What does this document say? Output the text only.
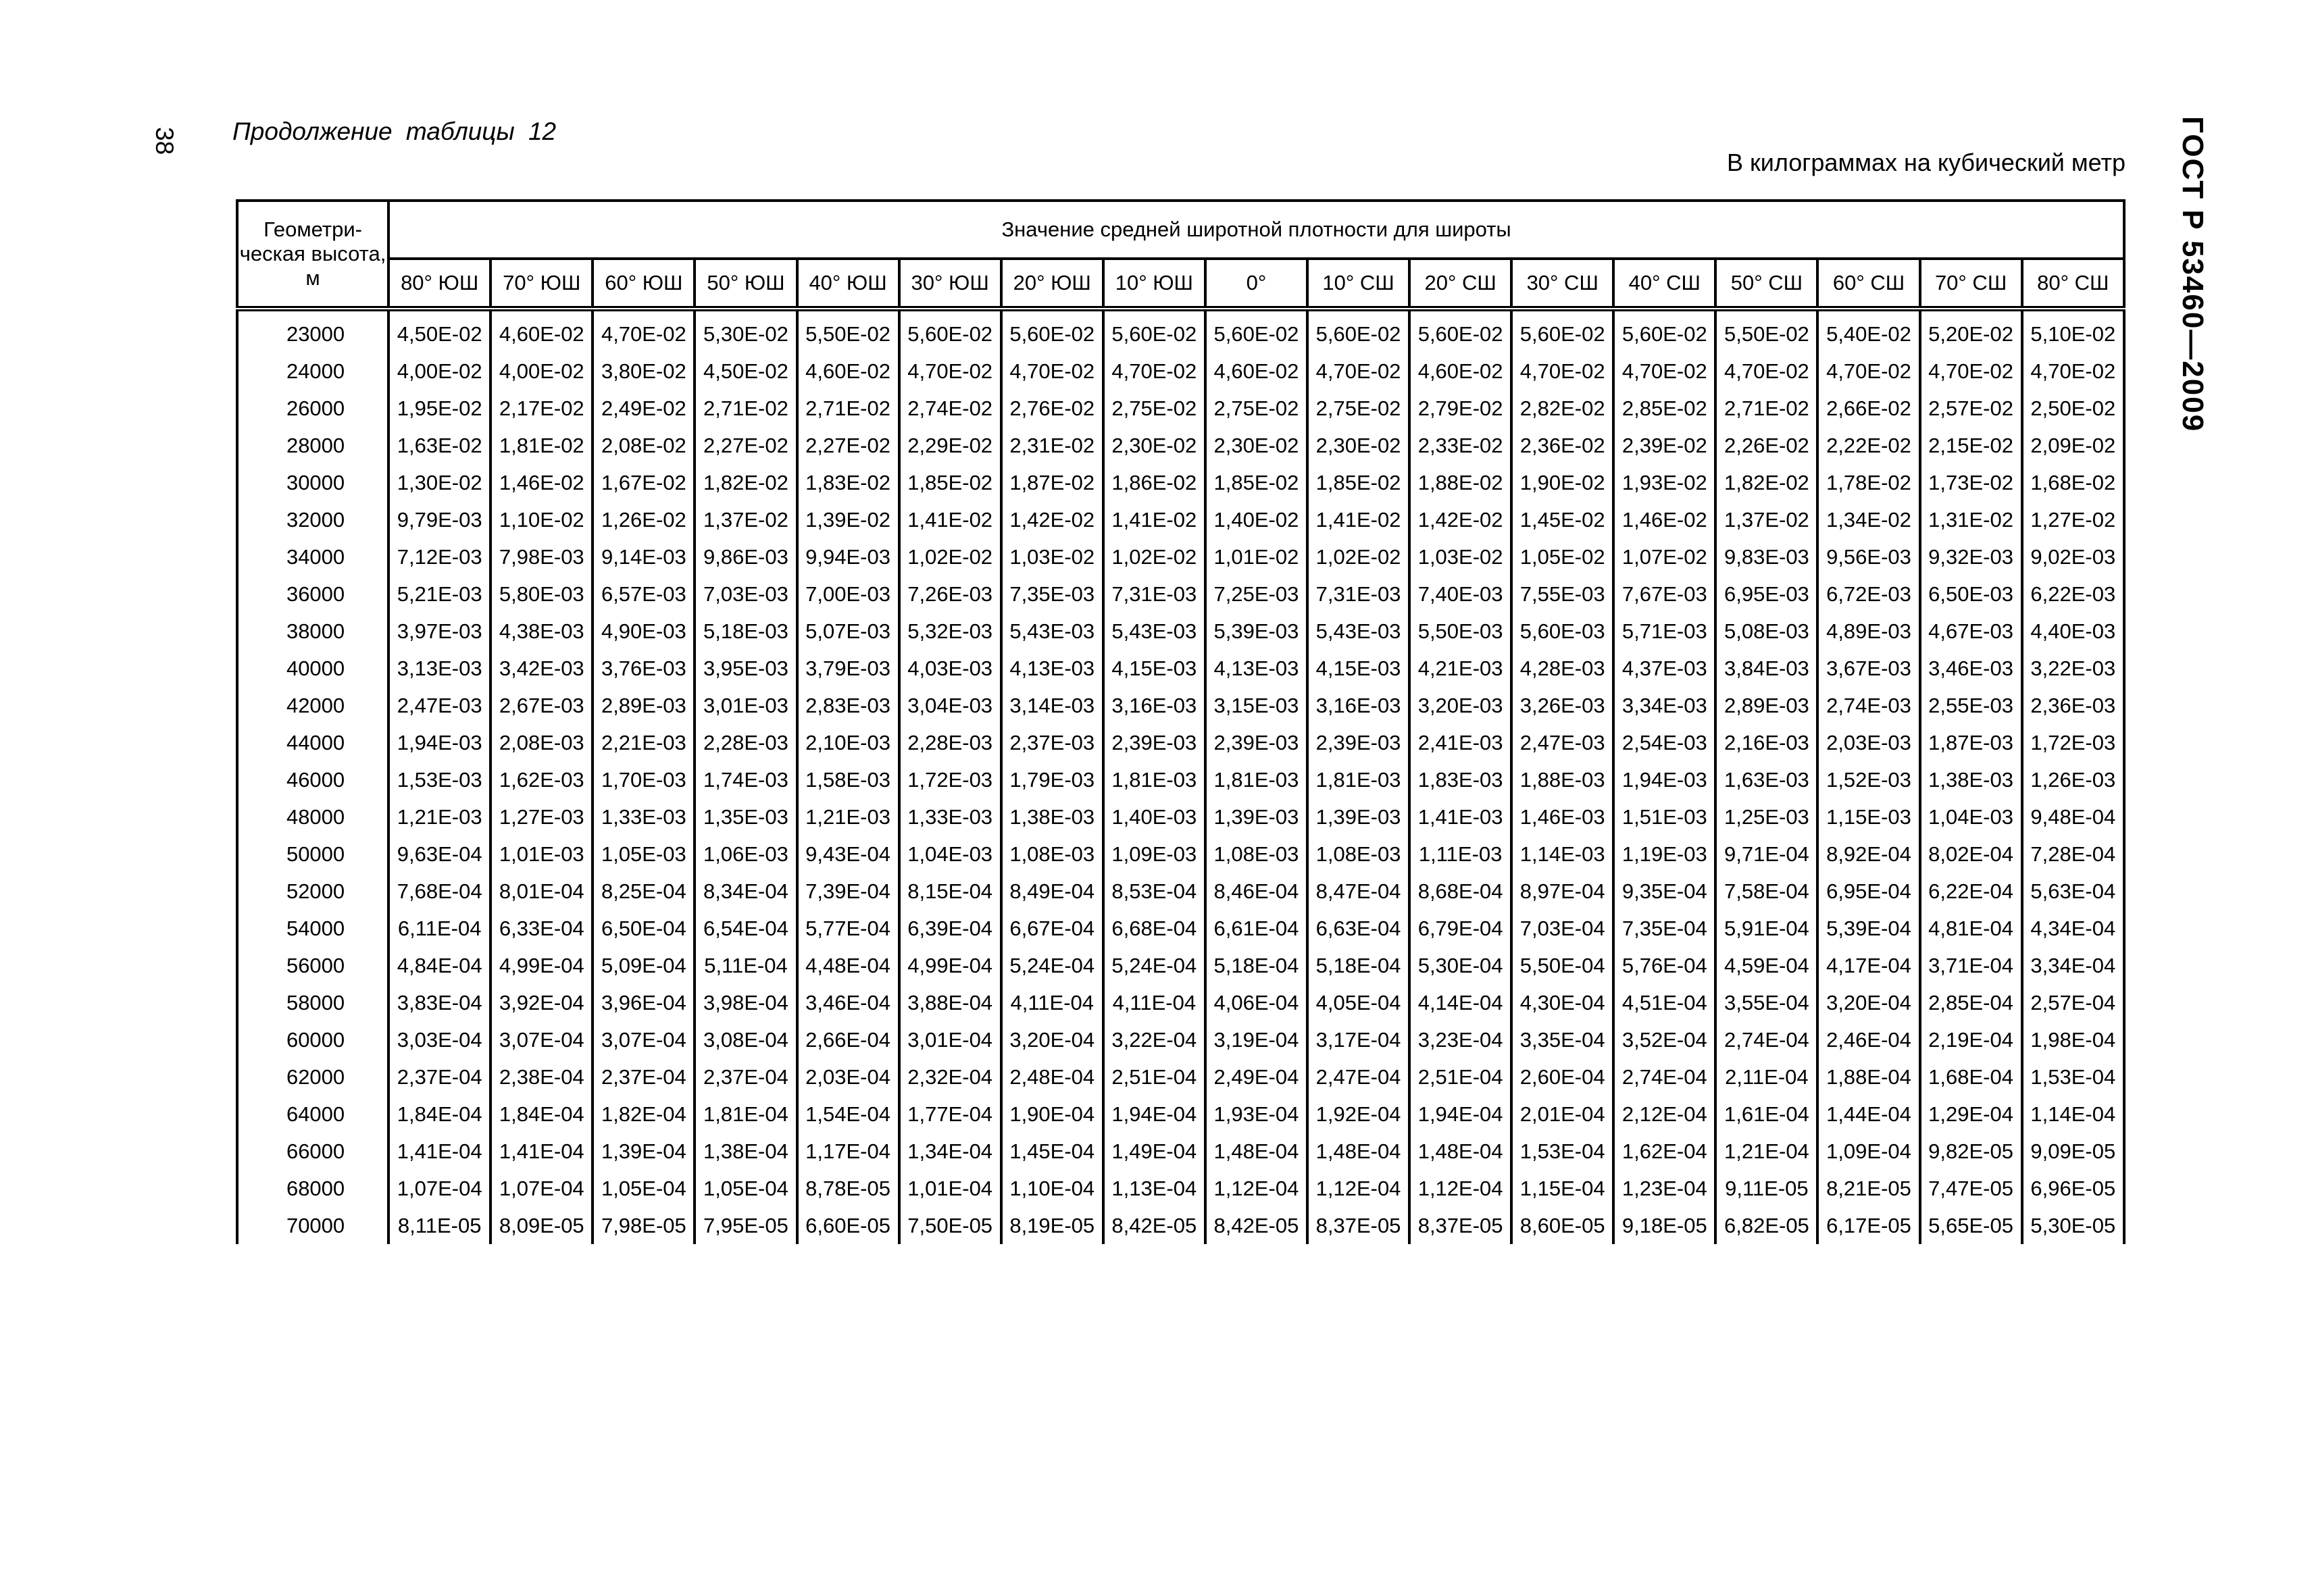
38 Продолжение таблицы 12
В килограммах на кубический метр ГОСТ Р 53460—2009
Геометри-ческая высота, м	Значение средней широтной плотности для широты																
	80° ЮШ	70° ЮШ	60° ЮШ	50° ЮШ	40° ЮШ	30° ЮШ	20° ЮШ	10° ЮШ	0°	10° СШ	20° СШ	30° СШ	40° СШ	50° СШ	60° СШ	70° СШ	80° СШ
23000	4,50E-02	4,60E-02	4,70E-02	5,30E-02	5,50E-02	5,60E-02	5,60E-02	5,60E-02	5,60E-02	5,60E-02	5,60E-02	5,60E-02	5,60E-02	5,50E-02	5,40E-02	5,20E-02	5,10E-02
24000	4,00E-02	4,00E-02	3,80E-02	4,50E-02	4,60E-02	4,70E-02	4,70E-02	4,70E-02	4,60E-02	4,70E-02	4,60E-02	4,70E-02	4,70E-02	4,70E-02	4,70E-02	4,70E-02	4,70E-02
26000	1,95E-02	2,17E-02	2,49E-02	2,71E-02	2,71E-02	2,74E-02	2,76E-02	2,75E-02	2,75E-02	2,75E-02	2,79E-02	2,82E-02	2,85E-02	2,71E-02	2,66E-02	2,57E-02	2,50E-02
28000	1,63E-02	1,81E-02	2,08E-02	2,27E-02	2,27E-02	2,29E-02	2,31E-02	2,30E-02	2,30E-02	2,30E-02	2,33E-02	2,36E-02	2,39E-02	2,26E-02	2,22E-02	2,15E-02	2,09E-02
30000	1,30E-02	1,46E-02	1,67E-02	1,82E-02	1,83E-02	1,85E-02	1,87E-02	1,86E-02	1,85E-02	1,85E-02	1,88E-02	1,90E-02	1,93E-02	1,82E-02	1,78E-02	1,73E-02	1,68E-02
32000	9,79E-03	1,10E-02	1,26E-02	1,37E-02	1,39E-02	1,41E-02	1,42E-02	1,41E-02	1,40E-02	1,41E-02	1,42E-02	1,45E-02	1,46E-02	1,37E-02	1,34E-02	1,31E-02	1,27E-02
34000	7,12E-03	7,98E-03	9,14E-03	9,86E-03	9,94E-03	1,02E-02	1,03E-02	1,02E-02	1,01E-02	1,02E-02	1,03E-02	1,05E-02	1,07E-02	9,83E-03	9,56E-03	9,32E-03	9,02E-03
36000	5,21E-03	5,80E-03	6,57E-03	7,03E-03	7,00E-03	7,26E-03	7,35E-03	7,31E-03	7,25E-03	7,31E-03	7,40E-03	7,55E-03	7,67E-03	6,95E-03	6,72E-03	6,50E-03	6,22E-03
38000	3,97E-03	4,38E-03	4,90E-03	5,18E-03	5,07E-03	5,32E-03	5,43E-03	5,43E-03	5,39E-03	5,43E-03	5,50E-03	5,60E-03	5,71E-03	5,08E-03	4,89E-03	4,67E-03	4,40E-03
40000	3,13E-03	3,42E-03	3,76E-03	3,95E-03	3,79E-03	4,03E-03	4,13E-03	4,15E-03	4,13E-03	4,15E-03	4,21E-03	4,28E-03	4,37E-03	3,84E-03	3,67E-03	3,46E-03	3,22E-03
42000	2,47E-03	2,67E-03	2,89E-03	3,01E-03	2,83E-03	3,04E-03	3,14E-03	3,16E-03	3,15E-03	3,16E-03	3,20E-03	3,26E-03	3,34E-03	2,89E-03	2,74E-03	2,55E-03	2,36E-03
44000	1,94E-03	2,08E-03	2,21E-03	2,28E-03	2,10E-03	2,28E-03	2,37E-03	2,39E-03	2,39E-03	2,39E-03	2,41E-03	2,47E-03	2,54E-03	2,16E-03	2,03E-03	1,87E-03	1,72E-03
46000	1,53E-03	1,62E-03	1,70E-03	1,74E-03	1,58E-03	1,72E-03	1,79E-03	1,81E-03	1,81E-03	1,81E-03	1,83E-03	1,88E-03	1,94E-03	1,63E-03	1,52E-03	1,38E-03	1,26E-03
48000	1,21E-03	1,27E-03	1,33E-03	1,35E-03	1,21E-03	1,33E-03	1,38E-03	1,40E-03	1,39E-03	1,39E-03	1,41E-03	1,46E-03	1,51E-03	1,25E-03	1,15E-03	1,04E-03	9,48E-04
50000	9,63E-04	1,01E-03	1,05E-03	1,06E-03	9,43E-04	1,04E-03	1,08E-03	1,09E-03	1,08E-03	1,08E-03	1,11E-03	1,14E-03	1,19E-03	9,71E-04	8,92E-04	8,02E-04	7,28E-04
52000	7,68E-04	8,01E-04	8,25E-04	8,34E-04	7,39E-04	8,15E-04	8,49E-04	8,53E-04	8,46E-04	8,47E-04	8,68E-04	8,97E-04	9,35E-04	7,58E-04	6,95E-04	6,22E-04	5,63E-04
54000	6,11E-04	6,33E-04	6,50E-04	6,54E-04	5,77E-04	6,39E-04	6,67E-04	6,68E-04	6,61E-04	6,63E-04	6,79E-04	7,03E-04	7,35E-04	5,91E-04	5,39E-04	4,81E-04	4,34E-04
56000	4,84E-04	4,99E-04	5,09E-04	5,11E-04	4,48E-04	4,99E-04	5,24E-04	5,24E-04	5,18E-04	5,18E-04	5,30E-04	5,50E-04	5,76E-04	4,59E-04	4,17E-04	3,71E-04	3,34E-04
58000	3,83E-04	3,92E-04	3,96E-04	3,98E-04	3,46E-04	3,88E-04	4,11E-04	4,11E-04	4,06E-04	4,05E-04	4,14E-04	4,30E-04	4,51E-04	3,55E-04	3,20E-04	2,85E-04	2,57E-04
60000	3,03E-04	3,07E-04	3,07E-04	3,08E-04	2,66E-04	3,01E-04	3,20E-04	3,22E-04	3,19E-04	3,17E-04	3,23E-04	3,35E-04	3,52E-04	2,74E-04	2,46E-04	2,19E-04	1,98E-04
62000	2,37E-04	2,38E-04	2,37E-04	2,37E-04	2,03E-04	2,32E-04	2,48E-04	2,51E-04	2,49E-04	2,47E-04	2,51E-04	2,60E-04	2,74E-04	2,11E-04	1,88E-04	1,68E-04	1,53E-04
64000	1,84E-04	1,84E-04	1,82E-04	1,81E-04	1,54E-04	1,77E-04	1,90E-04	1,94E-04	1,93E-04	1,92E-04	1,94E-04	2,01E-04	2,12E-04	1,61E-04	1,44E-04	1,29E-04	1,14E-04
66000	1,41E-04	1,41E-04	1,39E-04	1,38E-04	1,17E-04	1,34E-04	1,45E-04	1,49E-04	1,48E-04	1,48E-04	1,48E-04	1,53E-04	1,62E-04	1,21E-04	1,09E-04	9,82E-05	9,09E-05
68000	1,07E-04	1,07E-04	1,05E-04	1,05E-04	8,78E-05	1,01E-04	1,10E-04	1,13E-04	1,12E-04	1,12E-04	1,12E-04	1,15E-04	1,23E-04	9,11E-05	8,21E-05	7,47E-05	6,96E-05
70000	8,11E-05	8,09E-05	7,98E-05	7,95E-05	6,60E-05	7,50E-05	8,19E-05	8,42E-05	8,42E-05	8,37E-05	8,37E-05	8,60E-05	9,18E-05	6,82E-05	6,17E-05	5,65E-05	5,30E-05
